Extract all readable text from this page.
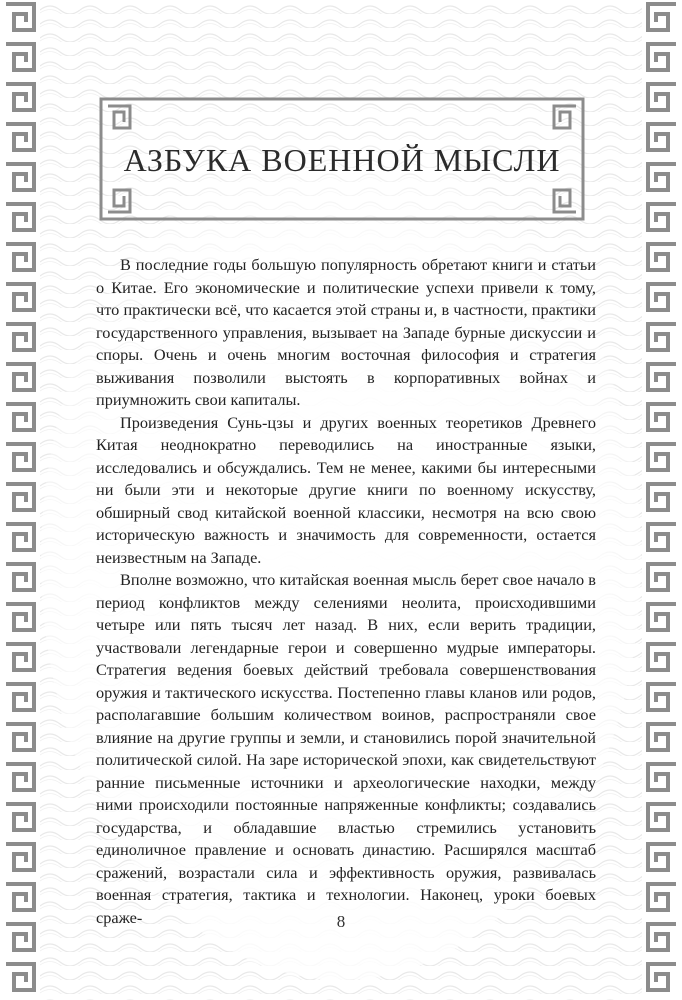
АЗБУКА ВОЕННОЙ МЫСЛИ

В последние годы большую популярность обретают книги и статьи о Китае. Его экономические и политические успехи привели к тому, что практически всё, что касается этой страны и, в частности, практики государственного управления, вызывает на Западе бурные дискуссии и споры. Очень и очень многим восточная философия и стратегия выживания позволили выстоять в корпоративных войнах и приумножить свои капиталы.

Произведения Сунь-цзы и других военных теоретиков Древнего Китая неоднократно переводились на иностранные языки, исследовались и обсуждались. Тем не менее, какими бы интересными ни были эти и некоторые другие книги по военному искусству, обширный свод китайской военной классики, несмотря на всю свою историческую важность и значимость для современности, остается неизвестным на Западе.

Вполне возможно, что китайская военная мысль берет свое начало в период конфликтов между селениями неолита, происходившими четыре или пять тысяч лет назад. В них, если верить традиции, участвовали легендарные герои и совершенно мудрые императоры. Стратегия ведения боевых действий требовала совершенствования оружия и тактического искусства. Постепенно главы кланов или родов, располагавшие большим количеством воинов, распространяли свое влияние на другие группы и земли, и становились порой значительной политической силой. На заре исторической эпохи, как свидетельствуют ранние письменные источники и археологические находки, между ними происходили постоянные напряженные конфликты; создавались государства, и обладавшие властью стремились установить единоличное правление и основать династию. Расширялся масштаб сражений, возрастали сила и эффективность оружия, развивалась военная стратегия, тактика и технологии. Наконец, уроки боевых сраже-	8
